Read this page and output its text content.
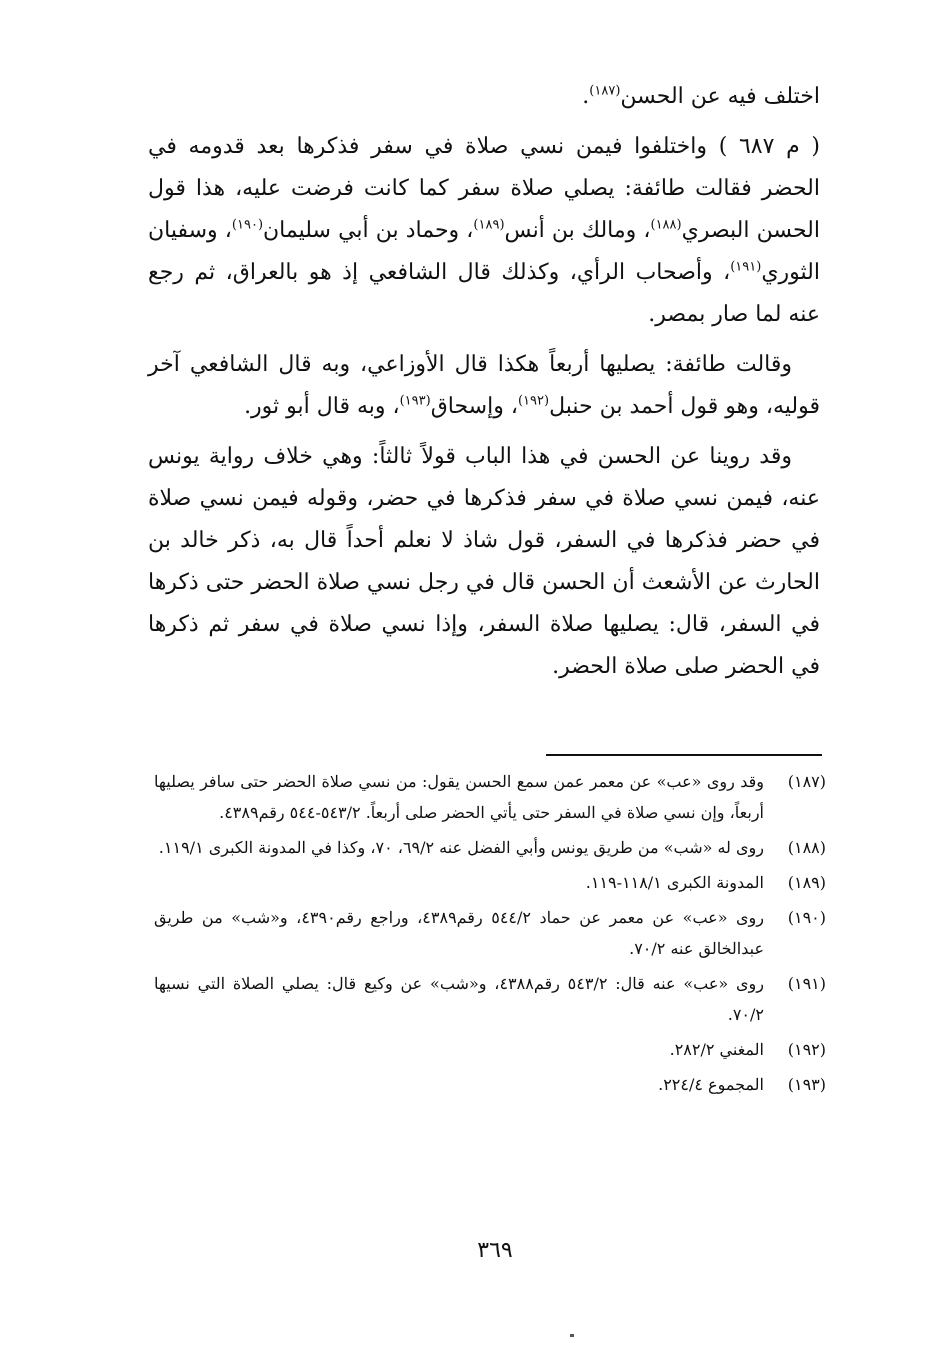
اختلف فيه عن الحسن$^{(١٨٧)}$.

( م ٦٨٧ ) واختلفوا فيمن نسي صلاة في سفر فذكرها بعد قدومه في الحضر فقالت طائفة: يصلي صلاة سفر كما كانت فرضت عليه، هذا قول الحسن البصري$^{(١٨٨)}$، ومالك بن أنس$^{(١٨٩)}$، وحماد بن أبي سليمان$^{(١٩٠)}$، وسفيان الثوري$^{(١٩١)}$، وأصحاب الرأي، وكذلك قال الشافعي إذ هو بالعراق، ثم رجع عنه لما صار بمصر.

وقالت طائفة: يصليها أربعاً هكذا قال الأوزاعي، وبه قال الشافعي آخر قوليه، وهو قول أحمد بن حنبل$^{(١٩٢)}$، وإسحاق$^{(١٩٣)}$، وبه قال أبو ثور.

وقد روينا عن الحسن في هذا الباب قولاً ثالثاً: وهي خلاف رواية يونس عنه، فيمن نسي صلاة في سفر فذكرها في حضر، وقوله فيمن نسي صلاة في حضر فذكرها في السفر، قول شاذ لا نعلم أحداً قال به، ذكر خالد بن الحارث عن الأشعث أن الحسن قال في رجل نسي صلاة الحضر حتى ذكرها في السفر، قال: يصليها صلاة السفر، وإذا نسي صلاة في سفر ثم ذكرها في الحضر صلى صلاة الحضر.

(١٨٧)
وقد روى «عب» عن معمر عمن سمع الحسن يقول: من نسي صلاة الحضر حتى سافر يصليها أربعاً، وإن نسي صلاة في السفر حتى يأتي الحضر صلى أربعاً. ٥٤٣/٢-٥٤٤ رقم٤٣٨٩.
(١٨٨)
روى له «شب» من طريق يونس وأبي الفضل عنه ٦٩/٢، ٧٠، وكذا في المدونة الكبرى ١١٩/١.
(١٨٩)
المدونة الكبرى ١١٨/١-١١٩.
(١٩٠)
روى «عب» عن معمر عن حماد ٥٤٤/٢ رقم٤٣٨٩، وراجع رقم٤٣٩٠، و«شب» من طريق عبدالخالق عنه ٧٠/٢.
(١٩١)
روى «عب» عنه قال: ٥٤٣/٢ رقم٤٣٨٨، و«شب» عن وكيع قال: يصلي الصلاة التي نسيها ٧٠/٢.
(١٩٢)
المغني ٢٨٢/٢.
(١٩٣)
المجموع ٢٢٤/٤.
٣٦٩
